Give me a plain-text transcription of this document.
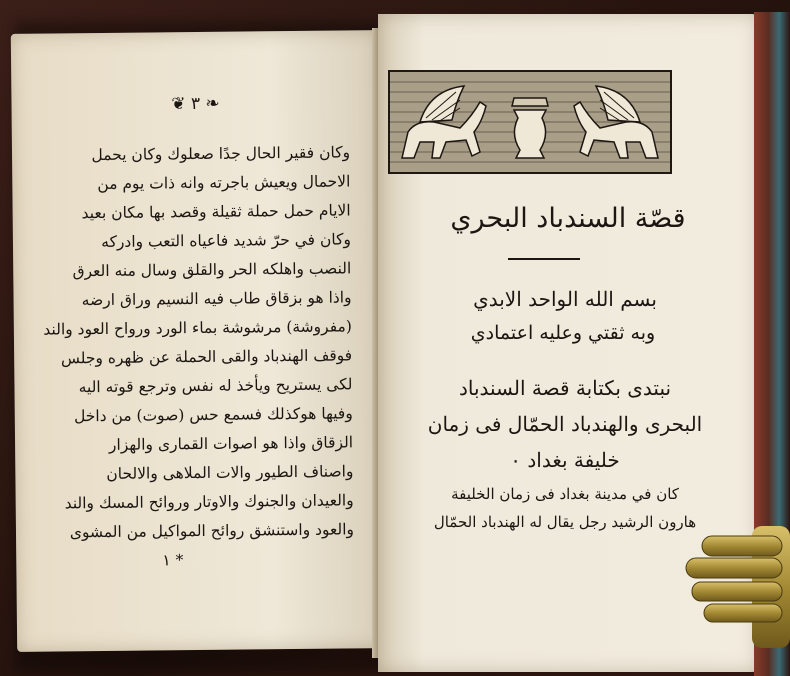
❦ ٣ ❧
وكان فقير الحال جدًا صعلوك وكان يحمل
الاحمال ويعيش باجرته وانه ذات يوم من
الايام حمل حملة ثقيلة وقصد بها مكان بعيد
وكان في حرّ شديد فاعياه التعب وادركه
النصب واهلكه الحر والقلق وسال منه العرق
واذا هو بزقاق طاب فيه النسيم وراق ارضه
(مفروشة) مرشوشة بماء الورد ورواح العود والند
فوقف الهندباد والقى الحملة عن ظهره وجلس
لكى يستريح ويأخذ له نفس وترجع قوته اليه
وفيها هوكذلك فسمع حس (صوت) من داخل
الزقاق واذا هو اصوات القمارى والهزار
واصناف الطيور والات الملاهى والالحان
والعيدان والجنوك والاوتار وروائح المسك والند
والعود واستنشق روائح المواكيل من المشوى
* ١
قصّة السندباد البحري
بسم الله الواحد الابدي
وبه ثقتي وعليه اعتمادي
نبتدى بكتابة قصة السندباد
البحرى والهندباد الحمّال فى زمان
خليفة بغداد ٠
كان في مدينة بغداد فى زمان الخليفة
هارون الرشيد رجل يقال له الهندباد الحمّال
